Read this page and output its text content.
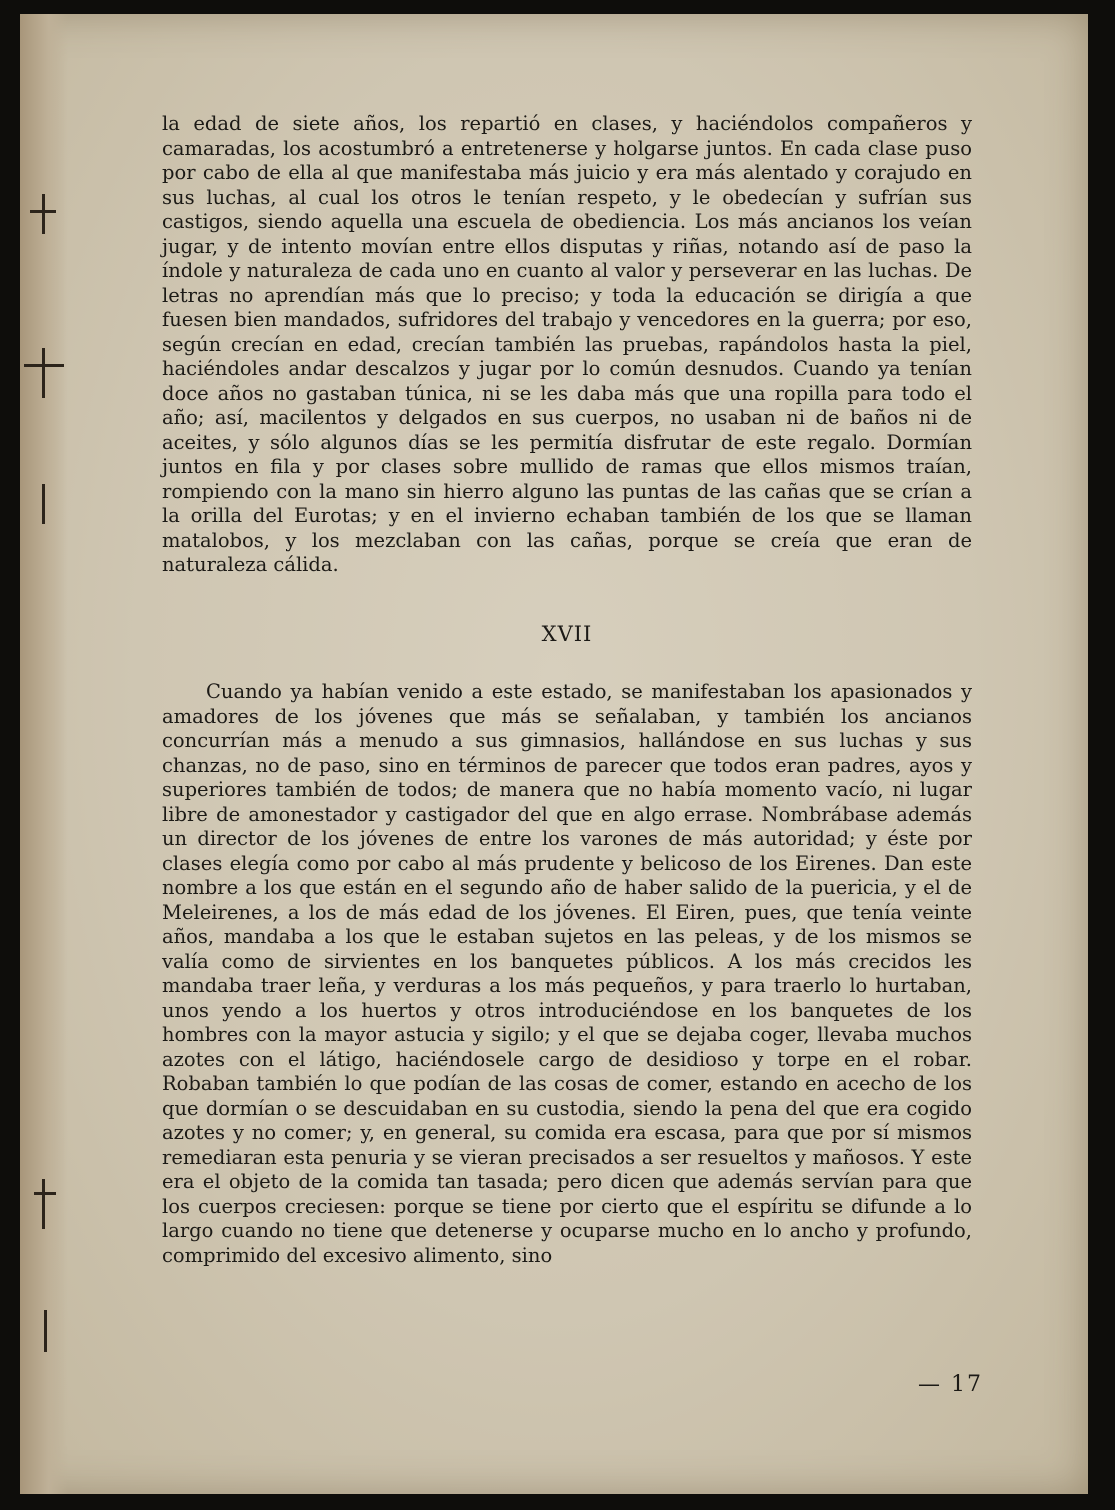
la edad de siete años, los repartió en clases, y haciéndolos compañeros y camaradas, los acostumbró a entretenerse y holgarse juntos. En cada clase puso por cabo de ella al que manifestaba más juicio y era más alentado y corajudo en sus luchas, al cual los otros le tenían respeto, y le obedecían y sufrían sus castigos, siendo aquella una escuela de obediencia. Los más ancianos los veían jugar, y de intento movían entre ellos disputas y riñas, notando así de paso la índole y naturaleza de cada uno en cuanto al valor y perseverar en las luchas. De letras no aprendían más que lo preciso; y toda la educación se dirigía a que fuesen bien mandados, sufridores del trabajo y vencedores en la guerra; por eso, según crecían en edad, crecían también las pruebas, rapándolos hasta la piel, haciéndoles andar descalzos y jugar por lo común desnudos. Cuando ya tenían doce años no gastaban túnica, ni se les daba más que una ropilla para todo el año; así, macilentos y delgados en sus cuerpos, no usaban ni de baños ni de aceites, y sólo algunos días se les permitía disfrutar de este regalo. Dormían juntos en fila y por clases sobre mullido de ramas que ellos mismos traían, rompiendo con la mano sin hierro alguno las puntas de las cañas que se crían a la orilla del Eurotas; y en el invierno echaban también de los que se llaman matalobos, y los mezclaban con las cañas, porque se creía que eran de naturaleza cálida.

XVII

Cuando ya habían venido a este estado, se manifestaban los apasionados y amadores de los jóvenes que más se señalaban, y también los ancianos concurrían más a menudo a sus gimnasios, hallándose en sus luchas y sus chanzas, no de paso, sino en términos de parecer que todos eran padres, ayos y superiores también de todos; de manera que no había momento vacío, ni lugar libre de amonestador y castigador del que en algo errase. Nombrábase además un director de los jóvenes de entre los varones de más autoridad; y éste por clases elegía como por cabo al más prudente y belicoso de los Eirenes. Dan este nombre a los que están en el segundo año de haber salido de la puericia, y el de Meleirenes, a los de más edad de los jóvenes. El Eiren, pues, que tenía veinte años, mandaba a los que le estaban sujetos en las peleas, y de los mismos se valía como de sirvientes en los banquetes públicos. A los más crecidos les mandaba traer leña, y verduras a los más pequeños, y para traerlo lo hurtaban, unos yendo a los huertos y otros introduciéndose en los banquetes de los hombres con la mayor astucia y sigilo; y el que se dejaba coger, llevaba muchos azotes con el látigo, haciéndosele cargo de desidioso y torpe en el robar. Robaban también lo que podían de las cosas de comer, estando en acecho de los que dormían o se descuidaban en su custodia, siendo la pena del que era cogido azotes y no comer; y, en general, su comida era escasa, para que por sí mismos remediaran esta penuria y se vieran precisados a ser resueltos y mañosos. Y este era el objeto de la comida tan tasada; pero dicen que además servían para que los cuerpos creciesen: porque se tiene por cierto que el espíritu se difunde a lo largo cuando no tiene que detenerse y ocuparse mucho en lo ancho y profundo, comprimido del excesivo alimento, sino

— 17
